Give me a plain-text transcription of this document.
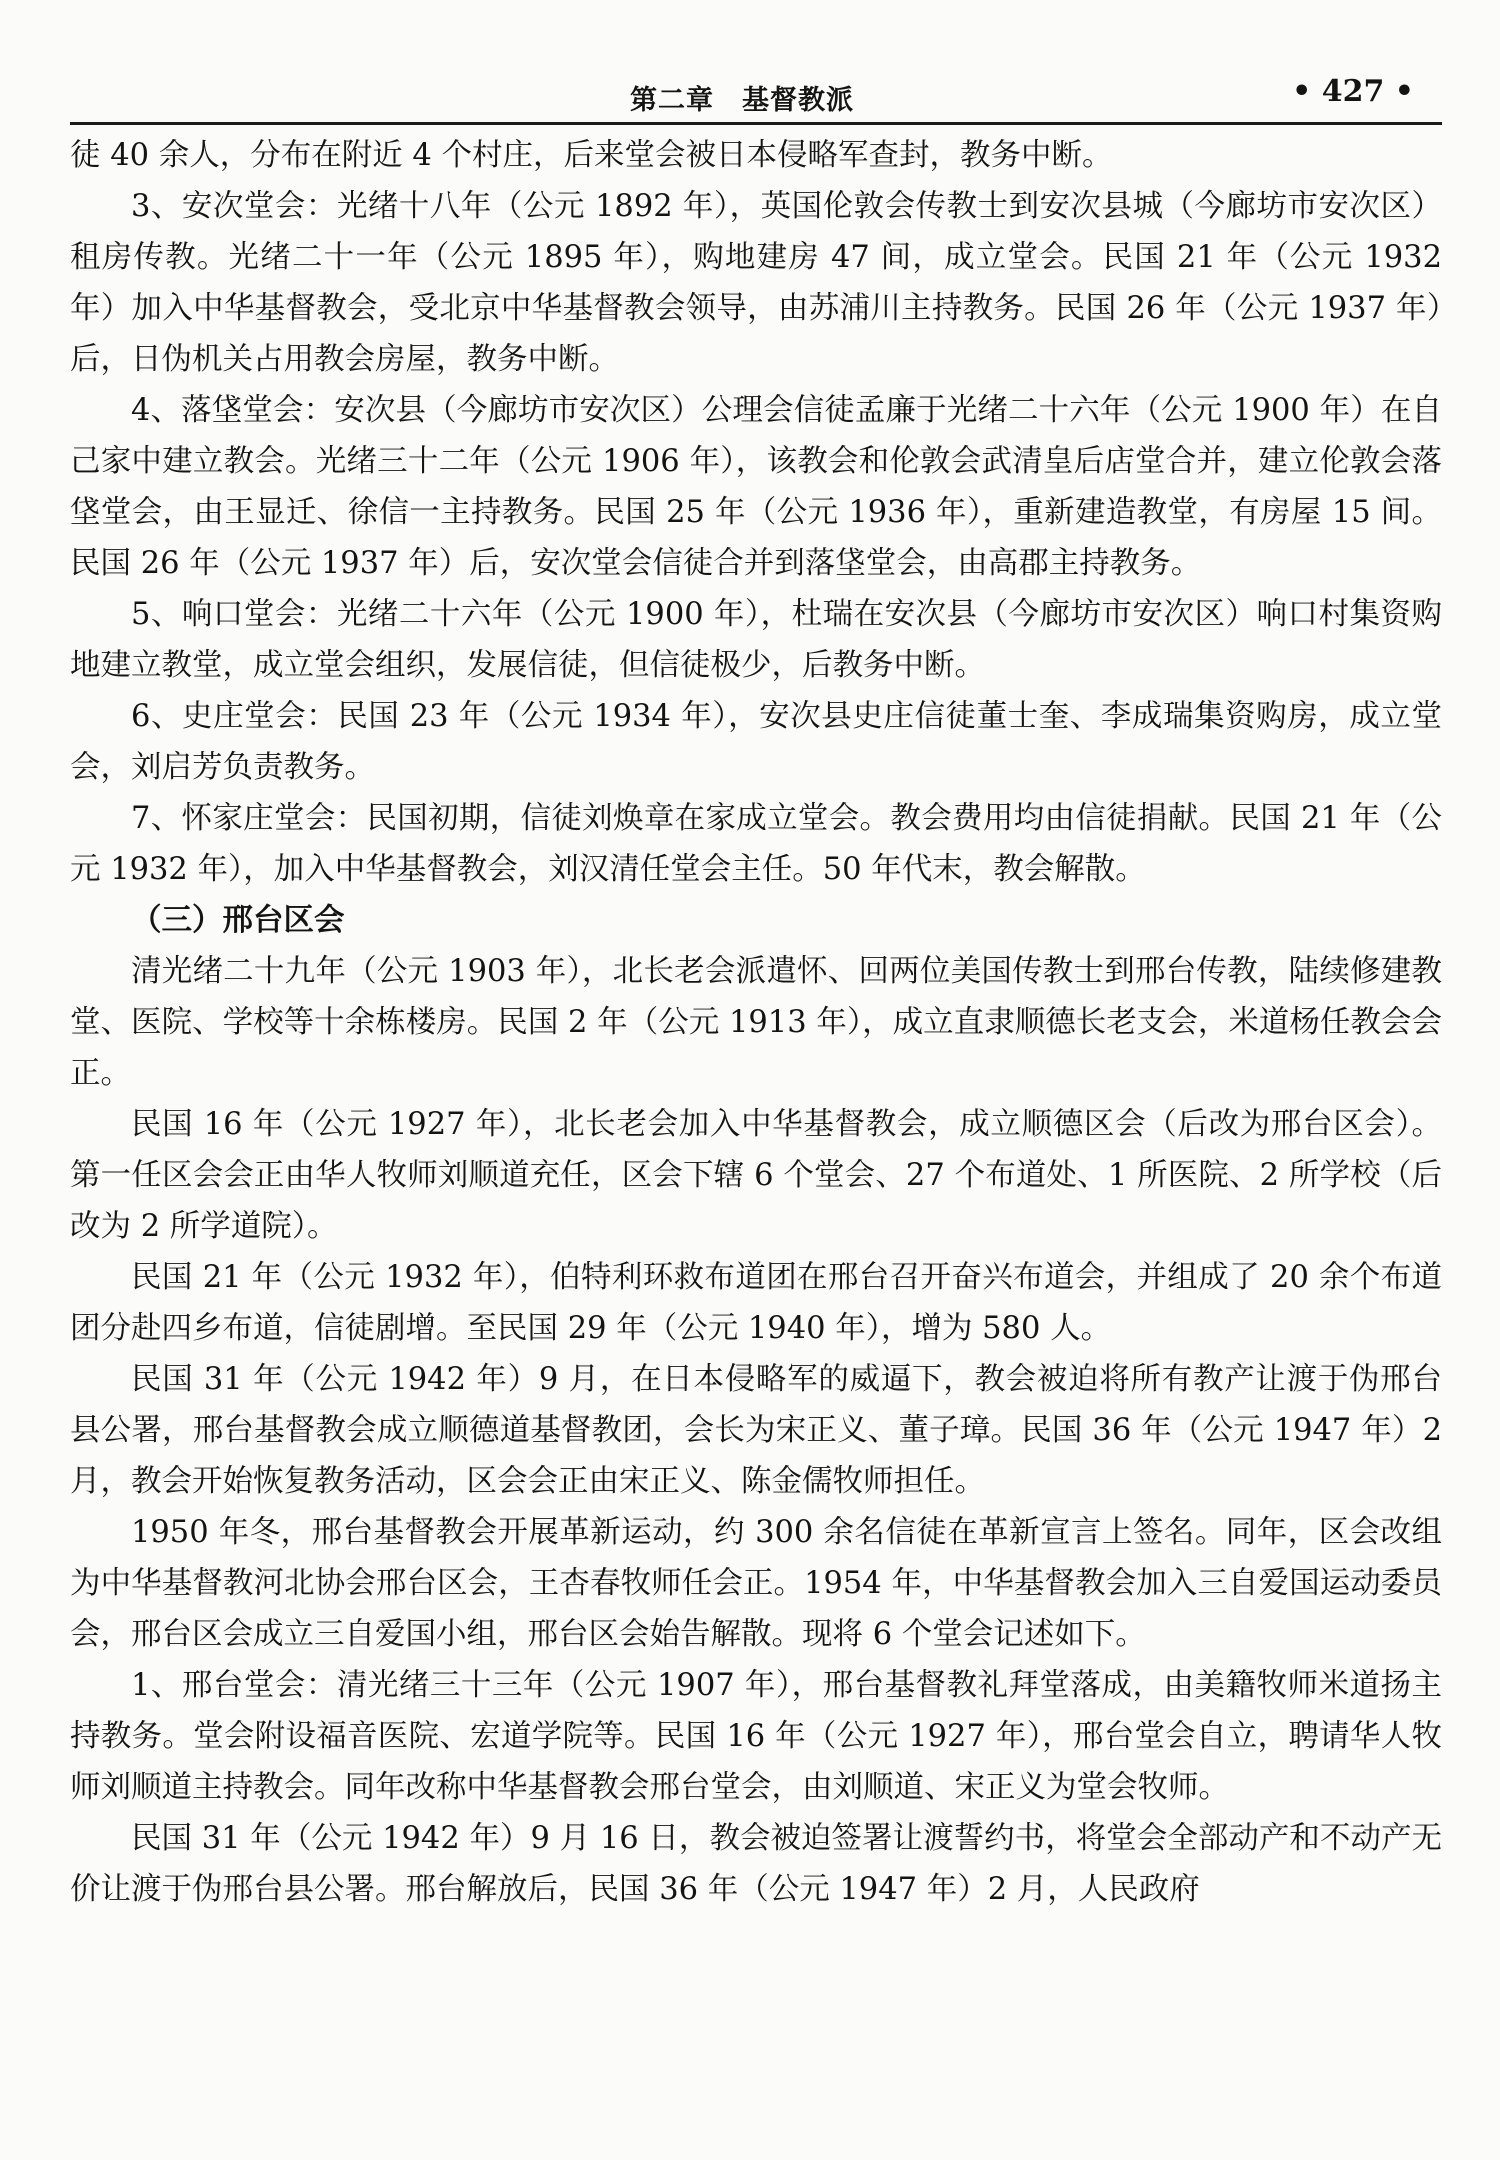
第二章　基督教派	• 427 •

徒 40 余人，分布在附近 4 个村庄，后来堂会被日本侵略军查封，教务中断。

3、安次堂会：光绪十八年（公元 1892 年），英国伦敦会传教士到安次县城（今廊坊市安次区）租房传教。光绪二十一年（公元 1895 年），购地建房 47 间，成立堂会。民国 21 年（公元 1932 年）加入中华基督教会，受北京中华基督教会领导，由苏浦川主持教务。民国 26 年（公元 1937 年）后，日伪机关占用教会房屋，教务中断。

4、落垡堂会：安次县（今廊坊市安次区）公理会信徒孟廉于光绪二十六年（公元 1900 年）在自己家中建立教会。光绪三十二年（公元 1906 年），该教会和伦敦会武清皇后店堂合并，建立伦敦会落垡堂会，由王显迁、徐信一主持教务。民国 25 年（公元 1936 年），重新建造教堂，有房屋 15 间。民国 26 年（公元 1937 年）后，安次堂会信徒合并到落垡堂会，由高郡主持教务。

5、响口堂会：光绪二十六年（公元 1900 年），杜瑞在安次县（今廊坊市安次区）响口村集资购地建立教堂，成立堂会组织，发展信徒，但信徒极少，后教务中断。

6、史庄堂会：民国 23 年（公元 1934 年），安次县史庄信徒董士奎、李成瑞集资购房，成立堂会，刘启芳负责教务。

7、怀家庄堂会：民国初期，信徒刘焕章在家成立堂会。教会费用均由信徒捐献。民国 21 年（公元 1932 年），加入中华基督教会，刘汉清任堂会主任。50 年代末，教会解散。

（三）邢台区会

清光绪二十九年（公元 1903 年），北长老会派遣怀、回两位美国传教士到邢台传教，陆续修建教堂、医院、学校等十余栋楼房。民国 2 年（公元 1913 年），成立直隶顺德长老支会，米道杨任教会会正。

民国 16 年（公元 1927 年），北长老会加入中华基督教会，成立顺德区会（后改为邢台区会）。第一任区会会正由华人牧师刘顺道充任，区会下辖 6 个堂会、27 个布道处、1 所医院、2 所学校（后改为 2 所学道院）。

民国 21 年（公元 1932 年），伯特利环救布道团在邢台召开奋兴布道会，并组成了 20 余个布道团分赴四乡布道，信徒剧增。至民国 29 年（公元 1940 年），增为 580 人。

民国 31 年（公元 1942 年）9 月，在日本侵略军的威逼下，教会被迫将所有教产让渡于伪邢台县公署，邢台基督教会成立顺德道基督教团，会长为宋正义、董子璋。民国 36 年（公元 1947 年）2 月，教会开始恢复教务活动，区会会正由宋正义、陈金儒牧师担任。

1950 年冬，邢台基督教会开展革新运动，约 300 余名信徒在革新宣言上签名。同年，区会改组为中华基督教河北协会邢台区会，王杏春牧师任会正。1954 年，中华基督教会加入三自爱国运动委员会，邢台区会成立三自爱国小组，邢台区会始告解散。现将 6 个堂会记述如下。

1、邢台堂会：清光绪三十三年（公元 1907 年），邢台基督教礼拜堂落成，由美籍牧师米道扬主持教务。堂会附设福音医院、宏道学院等。民国 16 年（公元 1927 年），邢台堂会自立，聘请华人牧师刘顺道主持教会。同年改称中华基督教会邢台堂会，由刘顺道、宋正义为堂会牧师。

民国 31 年（公元 1942 年）9 月 16 日，教会被迫签署让渡誓约书，将堂会全部动产和不动产无价让渡于伪邢台县公署。邢台解放后，民国 36 年（公元 1947 年）2 月，人民政府
